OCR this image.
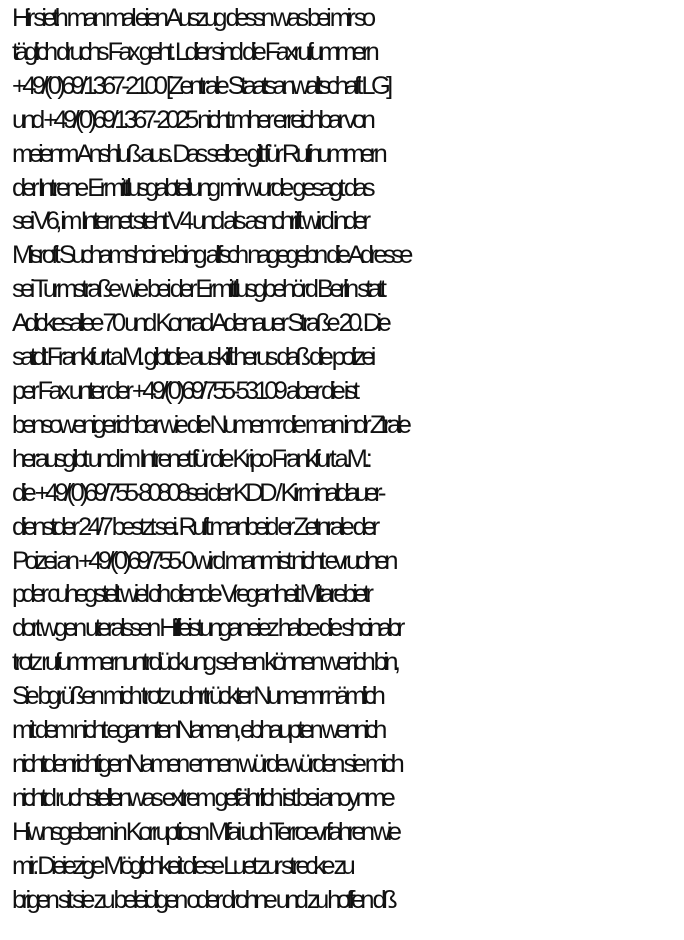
Hir sieth man mal eien Auszug dessn was bei mir so
täglich druchs Fax geht. Ldier sind die Faxrufummern
+49/(0)69/1367-2100 [Zentrale Staatsanwaltschaft LG]
und +49/(0)69/1367-2025 nicht mher erreichbar von
meienm Anshluß aus. Das selbe gilt für Rufnummern
der Intrene Ermittlusgabteilung mir wurde gesagt das
sei V6, im Internet steht V4 und als asnchrift wird inder
Misroft Suchamshcine bing alfsch nagegebn die Adresse
sei Turmstraße wie bei der Ermittlusgbehörd Berlin statt
Adickesallee 70 und Konrad Adenauer Straße 20. Die
satdt Frankfurt a.M. gibtdie auskift herus daß die polizei
per Fax unter der +49/(0)69/755-53109 aber die ist
bensowenigerichbar wie die Numemr die man indr Ztrale
herausgibt und im Intrenet für die Kripo Frankfurt a.M.:
die +49/(0)69/755-80808sei der KDD / Kirminaldauer-
dienstder 24/7 bestzt sei. Ruft manbeid er Zetnrale der
Poizei an +49/(0)69/755-0 wird manmist nicht evrudnen
pder cuhegstelt wiel cih diende Vreganheit Mitarebietr
dort wgen uteralssen Hifleistunganeiez habe die shcinabr
trotz rufummernuntrdückung sehen können wer ich bin,
Sie bgrüßen mich trotz udnrtrückter Numemr nämlich
mit dem nicht eganntenNamen, ebhaupten wennich
nichtdenrichtigenNamen ennen würdewürden sie mich
nichtd ruchstellenwas extrem gefährlich ist bei anoynme
Hiwnsgebern in Korruptiosn Mfai udnTerroevrfahren wie
mir. Dieiezige Möglichkeit diese Luet zur strecke zu
brigen sit sie zu beleidigen oder drohne und zu hoffen dß
